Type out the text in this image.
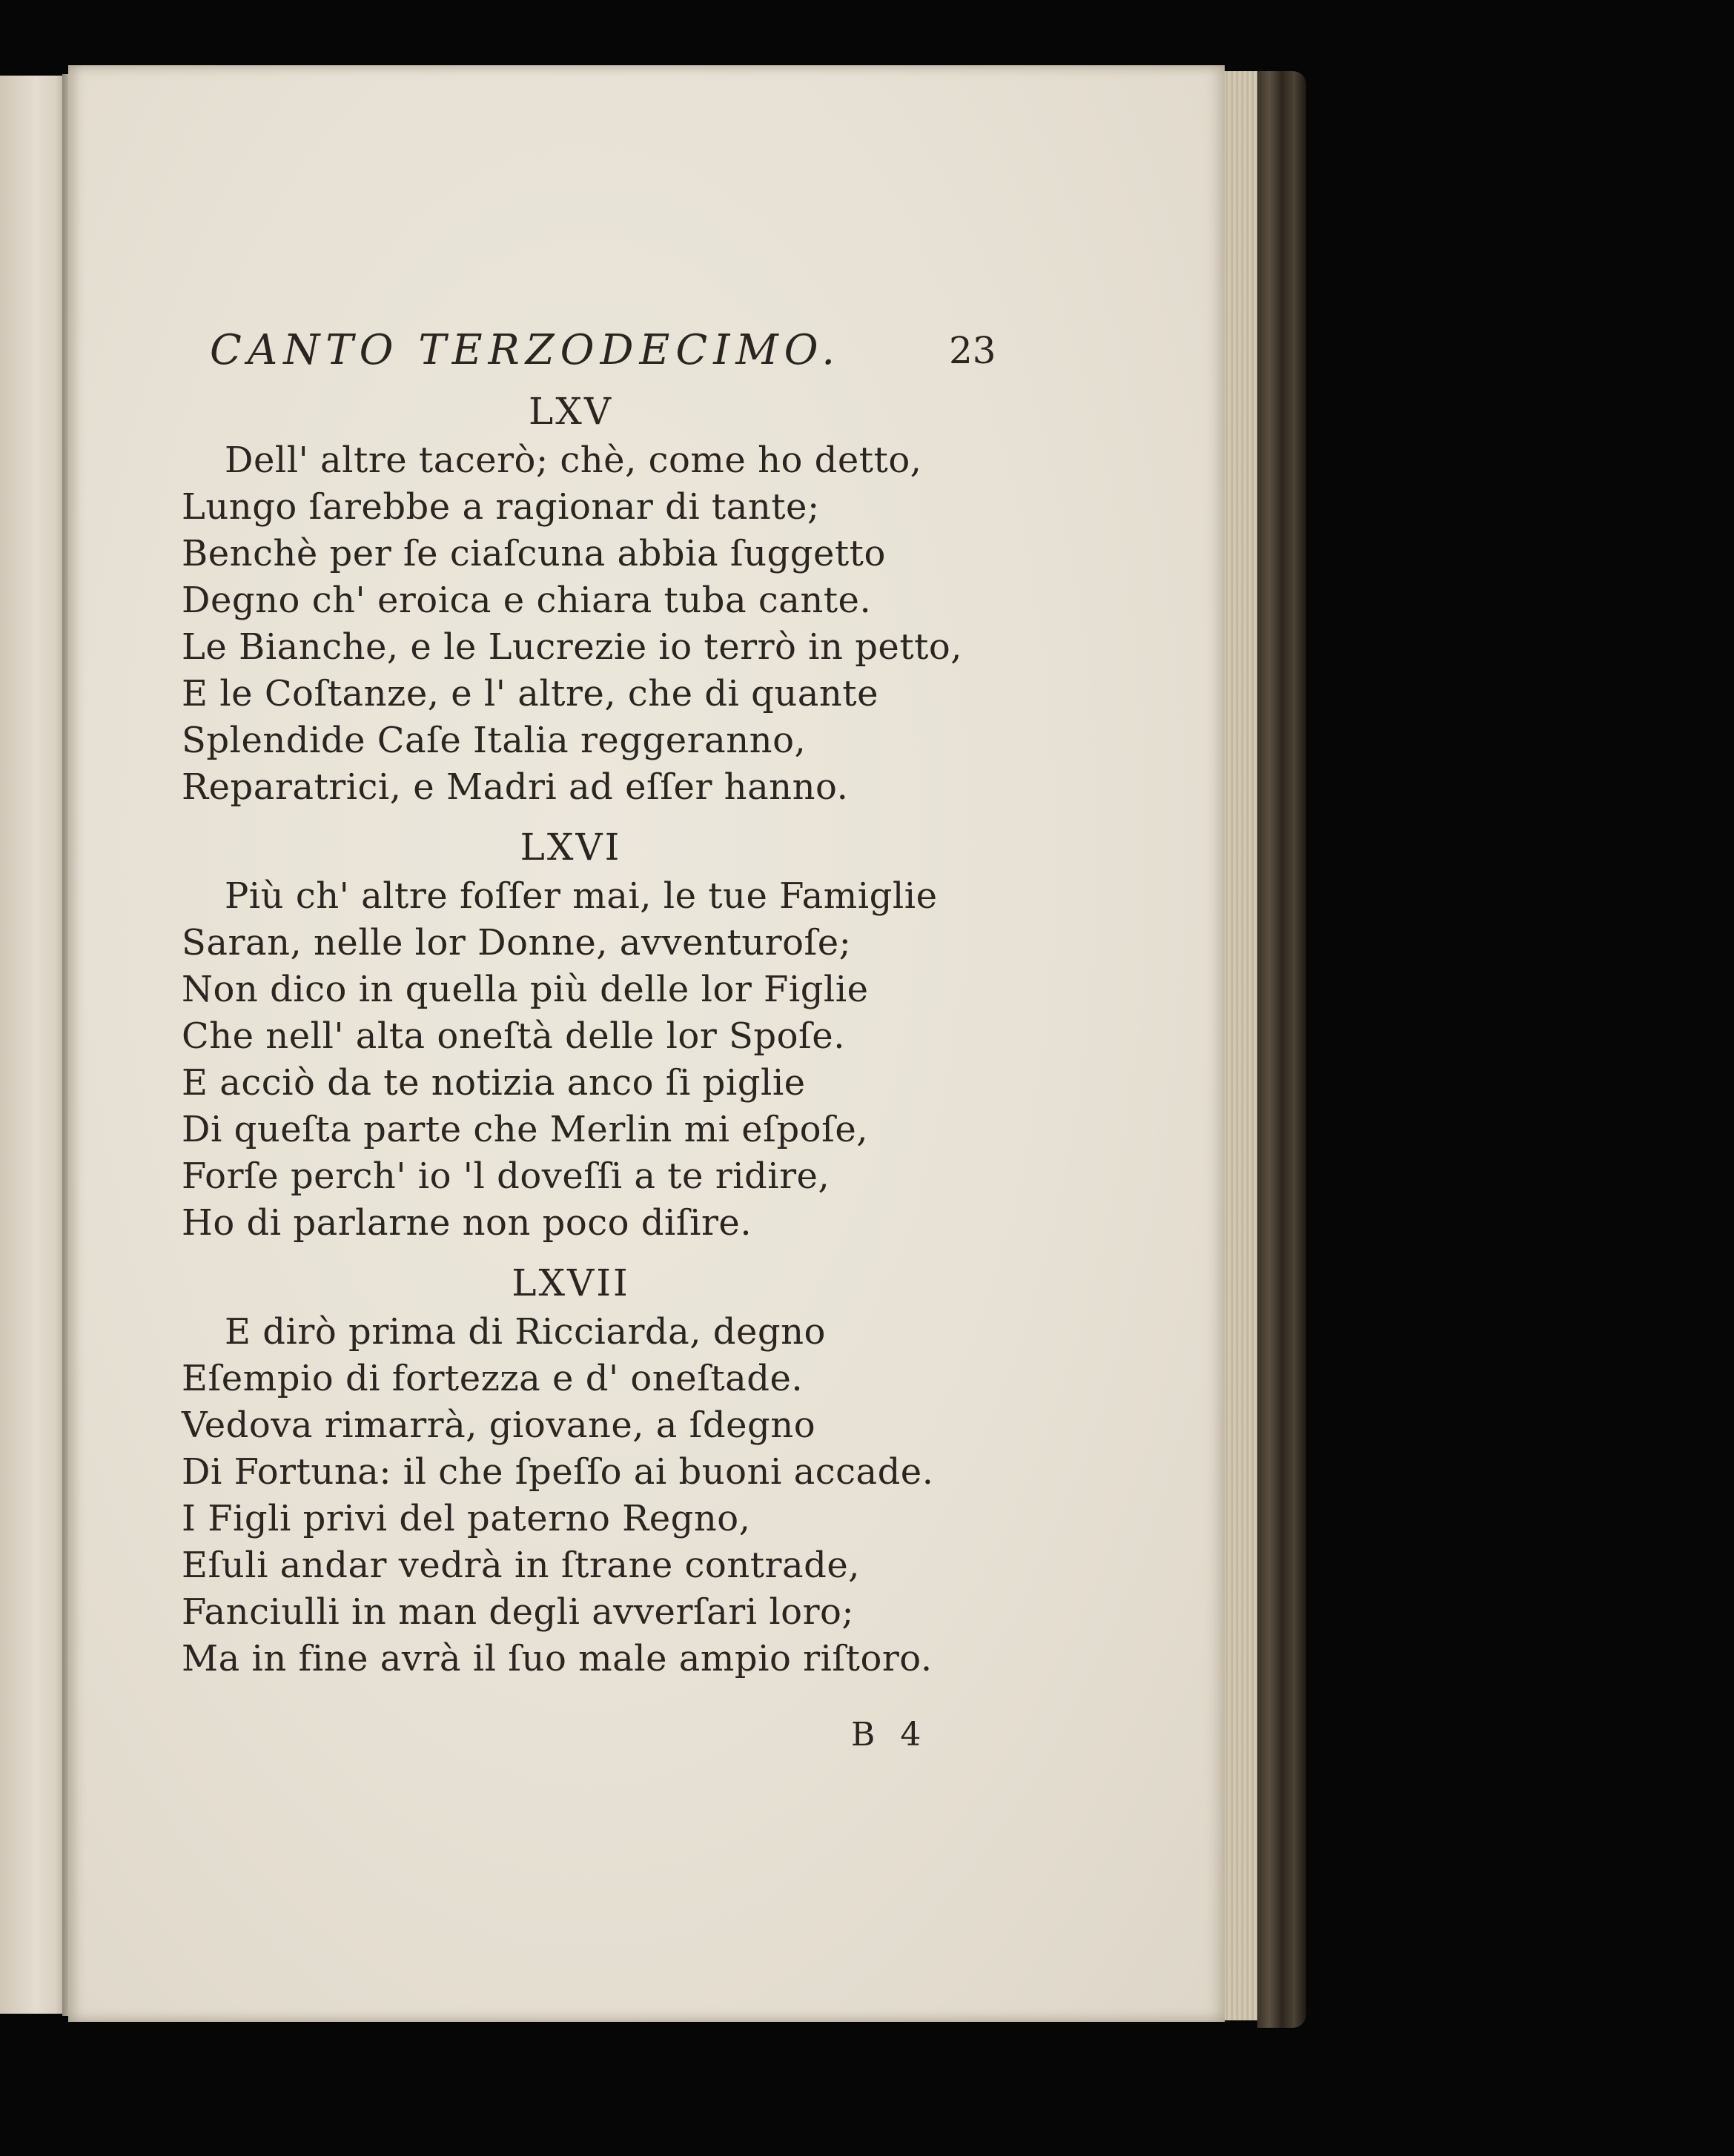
CANTO TERZODECIMO.	23
LXV
Dell' altre tacerò; chè, come ho detto,
Lungo ſarebbe a ragionar di tante;
Benchè per ſe ciaſcuna abbia ſuggetto
Degno ch' eroica e chiara tuba cante.
Le Bianche, e le Lucrezie io terrò in petto,
E le Coſtanze, e l' altre, che di quante
Splendide Caſe Italia reggeranno,
Reparatrici, e Madri ad eſſer hanno.
LXVI
Più ch' altre foſſer mai, le tue Famiglie
Saran, nelle lor Donne, avventuroſe;
Non dico in quella più delle lor Figlie
Che nell' alta oneſtà delle lor Spoſe.
E acciò da te notizia anco ſi piglie
Di queſta parte che Merlin mi eſpoſe,
Forſe perch' io 'l doveſſi a te ridire,
Ho di parlarne non poco diſire.
LXVII
E dirò prima di Ricciarda, degno
Eſempio di fortezza e d' oneſtade.
Vedova rimarrà, giovane, a ſdegno
Di Fortuna: il che ſpeſſo ai buoni accade.
I Figli privi del paterno Regno,
Eſuli andar vedrà in ſtrane contrade,
Fanciulli in man degli avverſari loro;
Ma in fine avrà il ſuo male ampio riſtoro.
B 4
